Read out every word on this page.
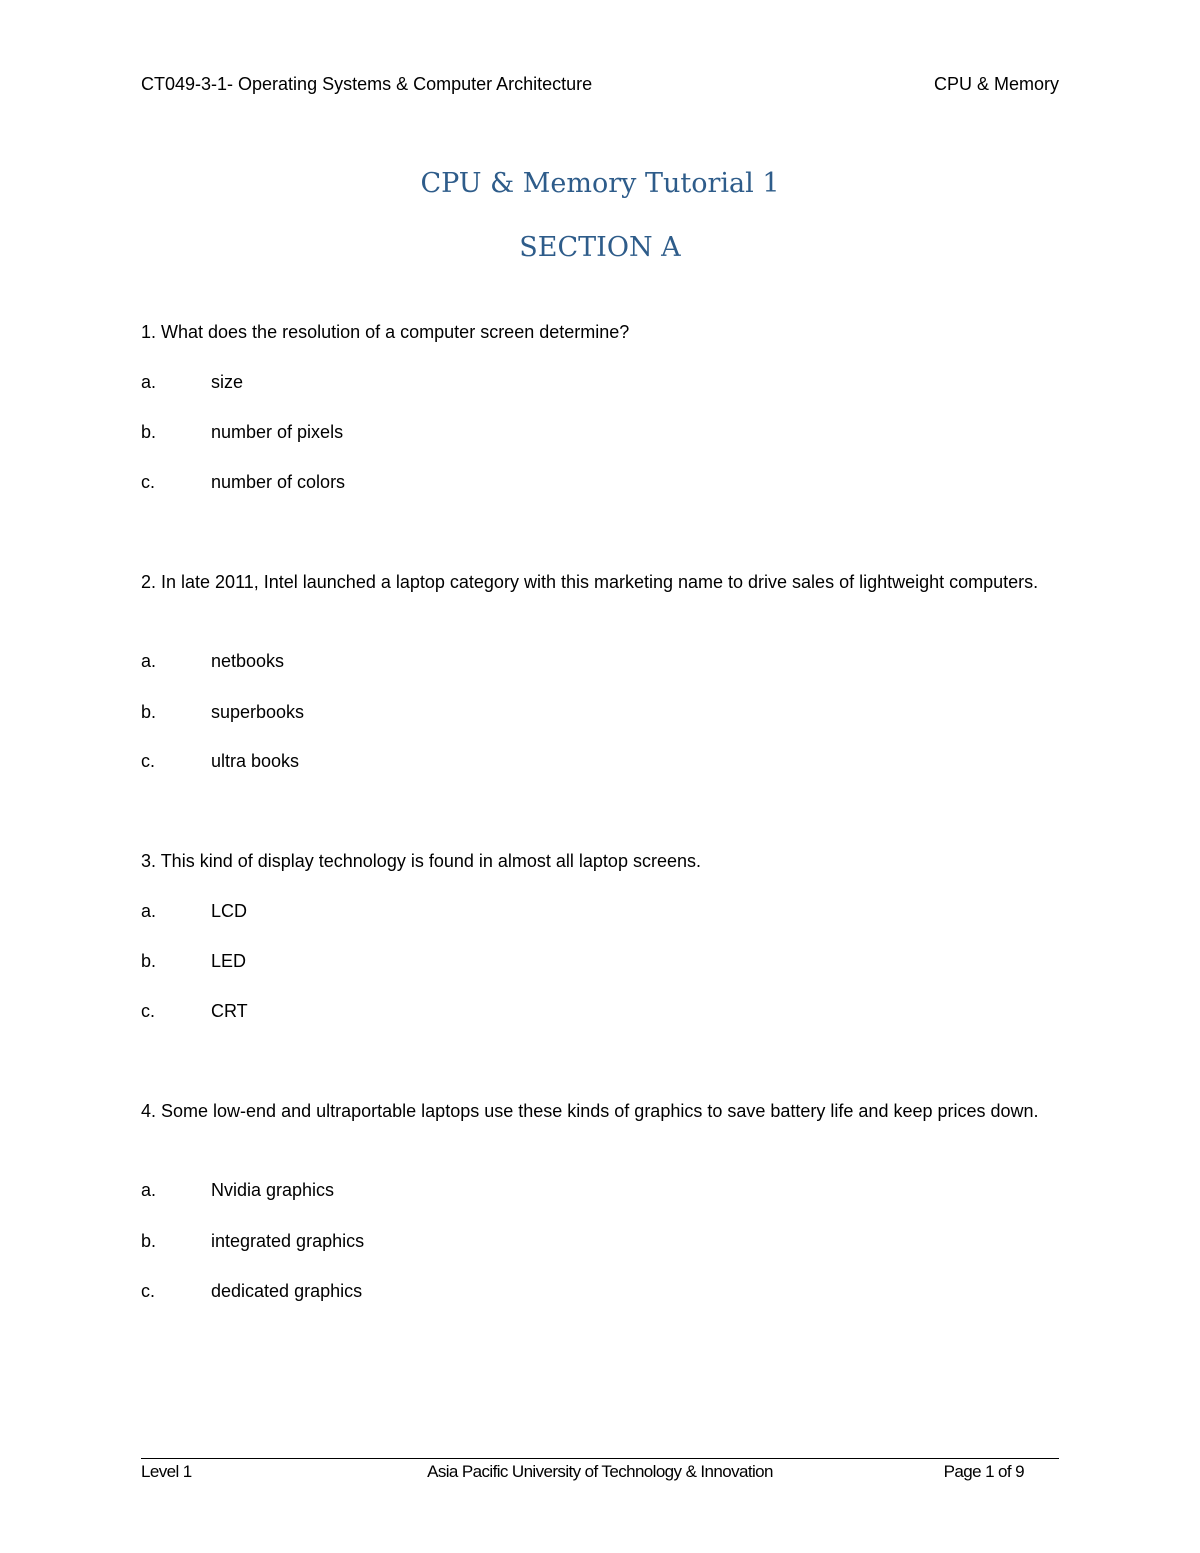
CT049-3-1- Operating Systems & Computer Architecture	CPU & Memory
CPU & Memory Tutorial 1
SECTION A
1. What does the resolution of a computer screen determine?
a.	size
b.	number of pixels
c.	number of colors
2. In late 2011, Intel launched a laptop category with this marketing name to drive sales of lightweight computers.
a.	netbooks
b.	superbooks
c.	ultra books
3. This kind of display technology is found in almost all laptop screens.
a.	LCD
b.	LED
c.	CRT
4. Some low-end and ultraportable laptops use these kinds of graphics to save battery life and keep prices down.
a.	Nvidia graphics
b.	integrated graphics
c.	dedicated graphics
Level 1	Asia Pacific University of Technology & Innovation	Page 1 of 9
